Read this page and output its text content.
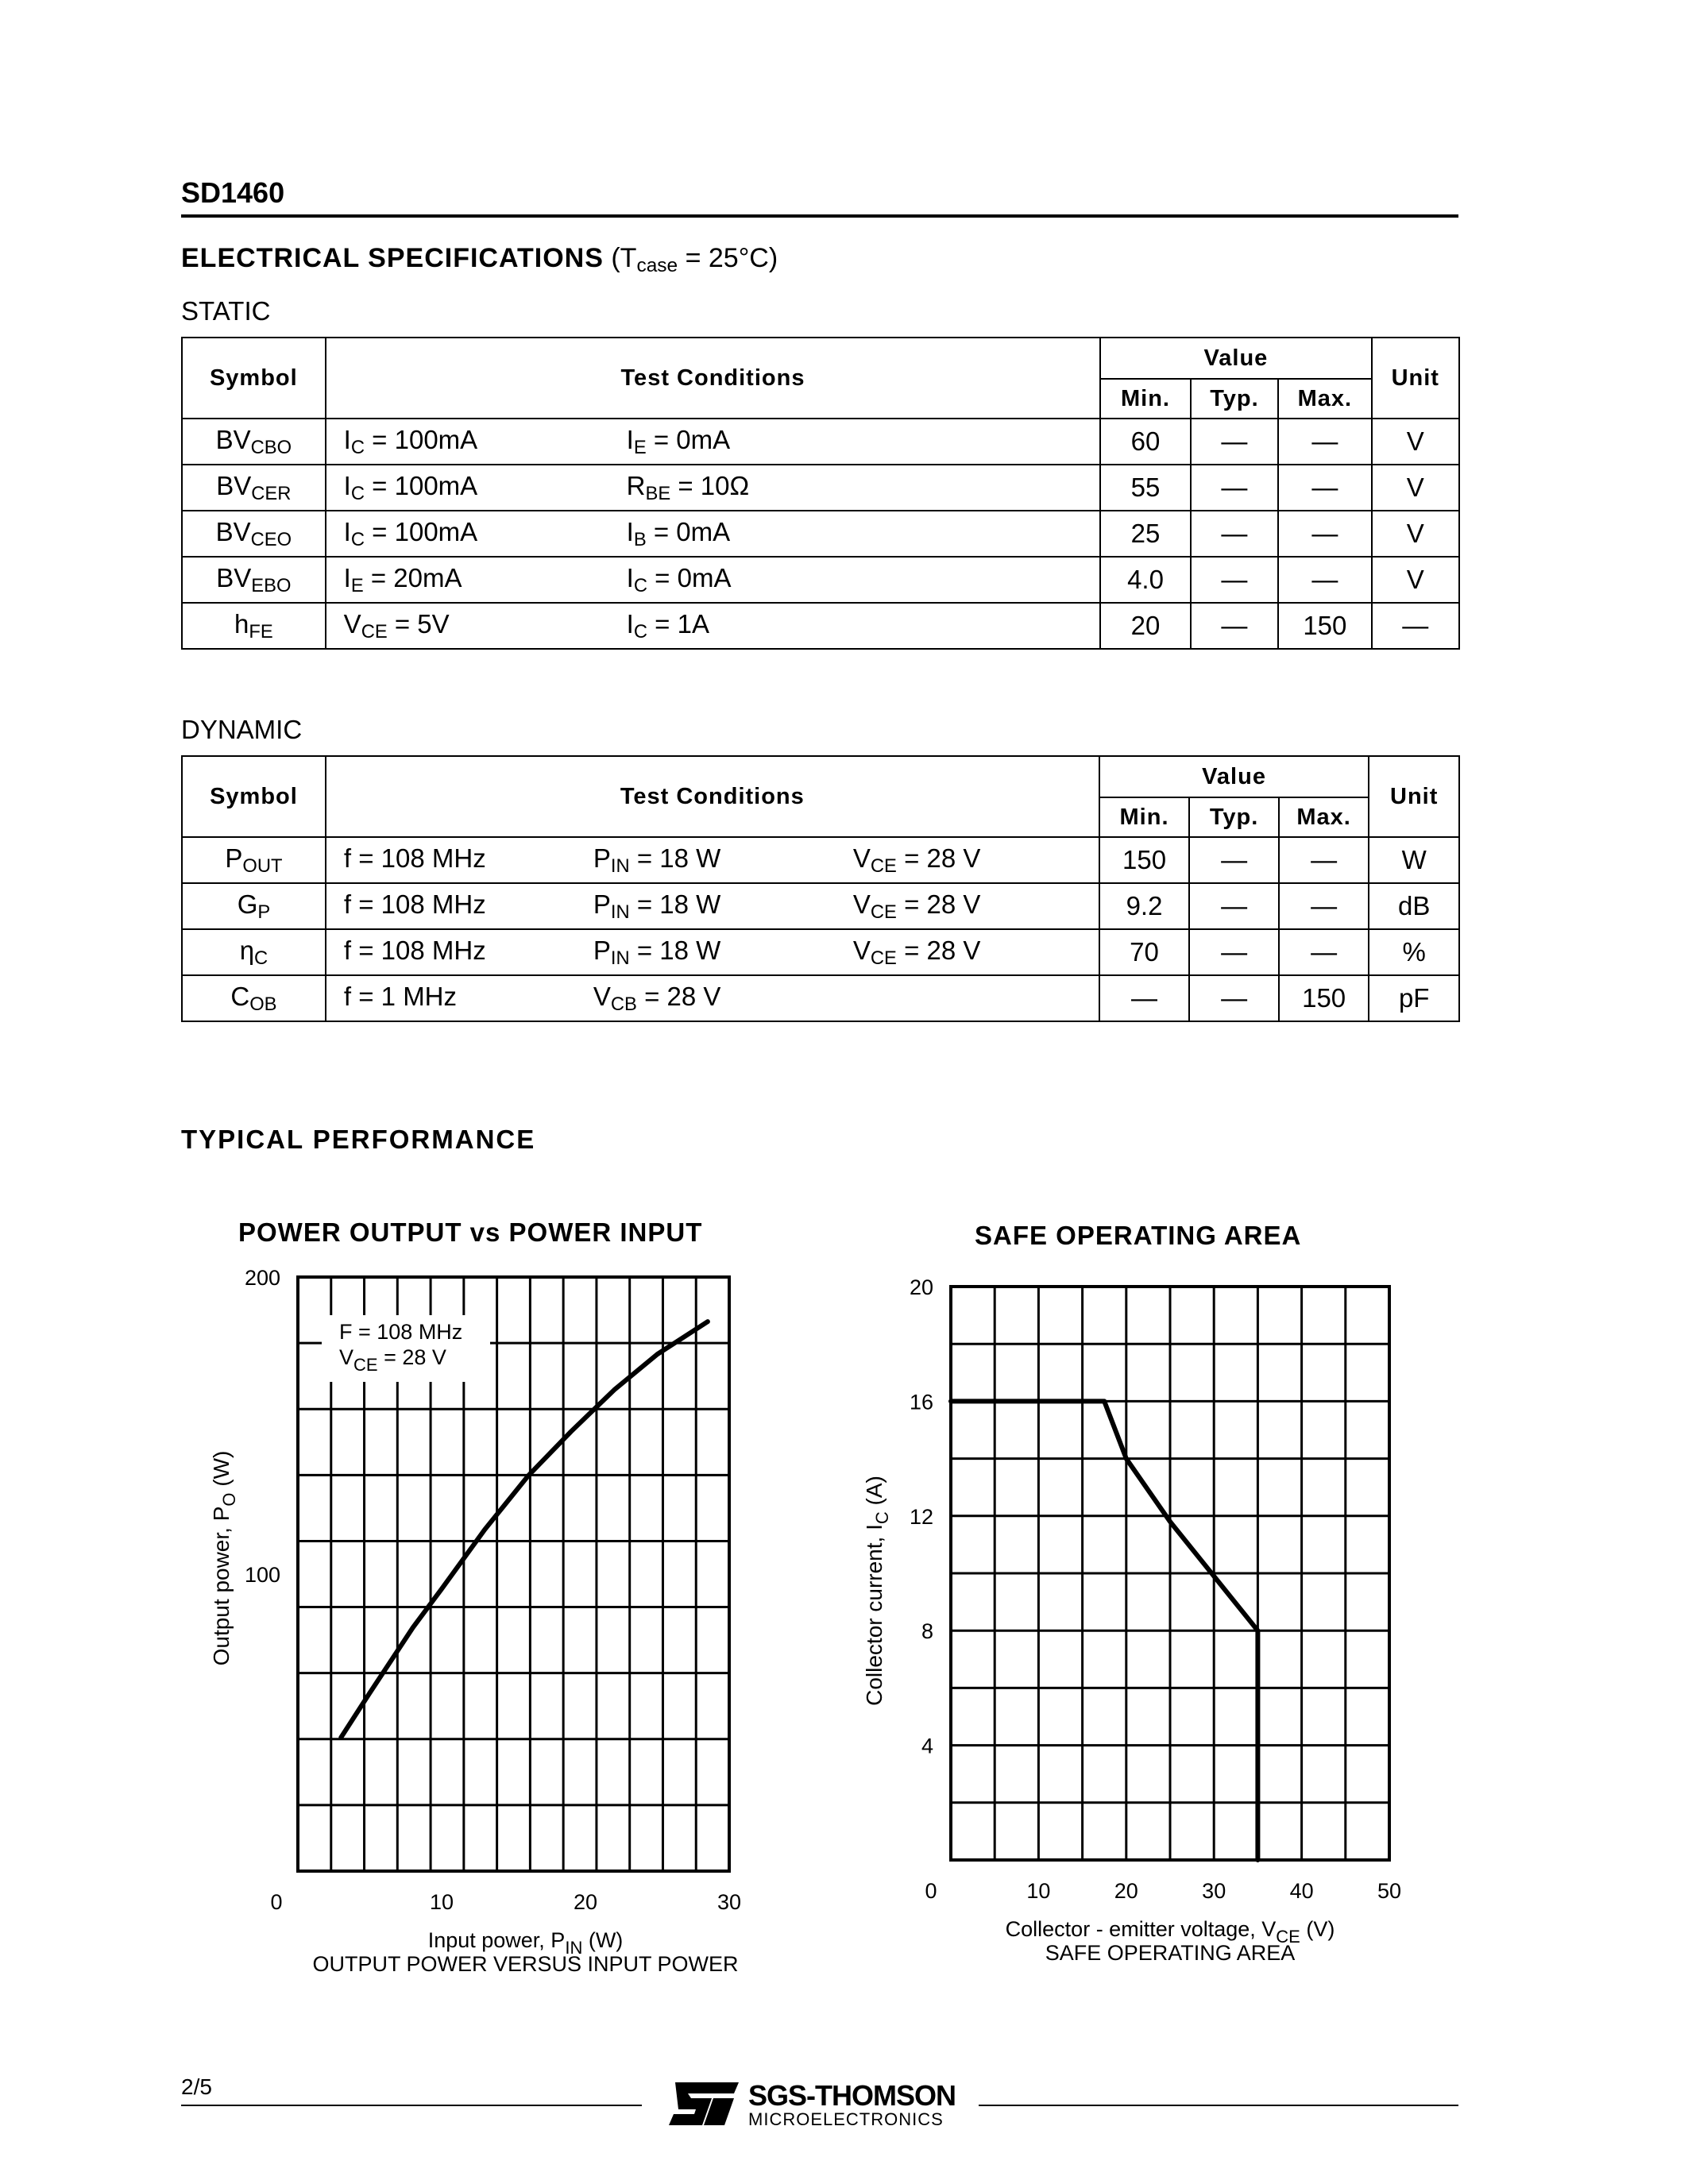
SD1460
ELECTRICAL SPECIFICATIONS $(T_{case} = 25^\circ C)$
STATIC
Symbol	Test Conditions	Value			Unit
		Min.	Typ.	Max.	
$BV_{CBO}$	$I_C = 100mA$ $I_E = 0mA$	60	—	—	V
$BV_{CER}$	$I_C = 100mA$ $R_{BE} = 10\Omega$	55	—	—	V
$BV_{CEO}$	$I_C = 100mA$ $I_B = 0mA$	25	—	—	V
$BV_{EBO}$	$I_E = 20mA$ $I_C = 0mA$	4.0	—	—	V
$h_{FE}$	$V_{CE} = 5V$ $I_C = 1A$	20	—	150	—
DYNAMIC
Symbol	Test Conditions	Value			Unit
		Min.	Typ.	Max.	
$P_{OUT}$	f = 108 MHz $P_{IN} = 18$ W $V_{CE} = 28$ V	150	—	—	W
$G_P$	f = 108 MHz $P_{IN} = 18$ W $V_{CE} = 28$ V	9.2	—	—	dB
$\eta_C$	f = 108 MHz $P_{IN} = 18$ W $V_{CE} = 28$ V	70	—	—	%
$C_{OB}$	f = 1 MHz $V_{CB} = 28$ V	—	—	150	pF
TYPICAL PERFORMANCE
POWER OUTPUT vs POWER INPUT	SAFE OPERATING AREA
F = 108 MHz
$V_{CE} = 28$ V
0	10	20	30
100
200
Input power, $P_{IN}$ (W)
OUTPUT POWER VERSUS INPUT POWER
Output power, $P_O$ (W)
0	10	20	30	40	50
4
8
12
16
20
Collector - emitter voltage, $V_{CE}$ (V)
SAFE OPERATING AREA
Collector current, $I_C$ (A)
2/5	SGS-THOMSON
MICROELECTRONICS
